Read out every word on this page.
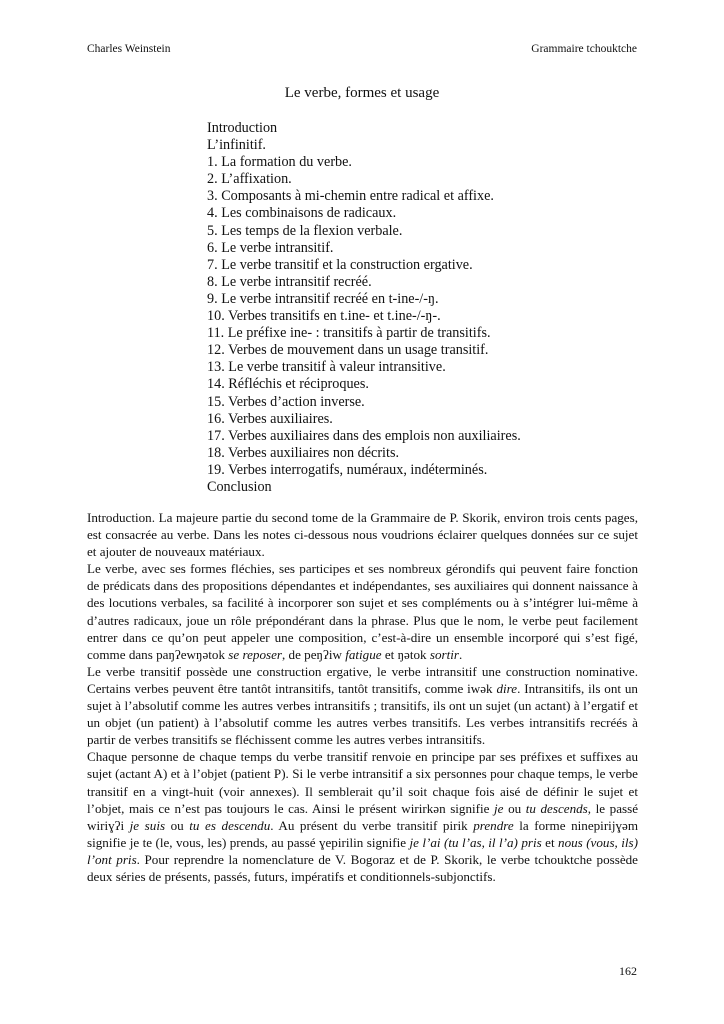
Charles Weinstein	Grammaire tchouktche
Le verbe, formes et usage
Introduction
L’infinitif.
1. La formation du verbe.
2. L’affixation.
3. Composants à mi-chemin entre radical et affixe.
4. Les combinaisons de radicaux.
5. Les temps de la flexion verbale.
6. Le verbe intransitif.
7. Le verbe transitif et la construction ergative.
8. Le verbe intransitif recréé.
9. Le verbe intransitif recréé en t-ine-/-ŋ.
10. Verbes transitifs en t.ine- et t.ine-/-ŋ-.
11. Le préfixe ine- : transitifs à partir de transitifs.
12. Verbes de mouvement dans un usage transitif.
13. Le verbe transitif à valeur intransitive.
14. Réfléchis et réciproques.
15. Verbes d’action inverse.
16. Verbes auxiliaires.
17. Verbes auxiliaires dans des emplois non auxiliaires.
18. Verbes auxiliaires non décrits.
19. Verbes interrogatifs, numéraux, indéterminés.
Conclusion

Introduction. La majeure partie du second tome de la Grammaire de P. Skorik, environ trois cents pages, est consacrée au verbe. Dans les notes ci-dessous nous voudrions éclairer quelques données sur ce sujet et ajouter de nouveaux matériaux.

Le verbe, avec ses formes fléchies, ses participes et ses nombreux gérondifs qui peuvent faire fonction de prédicats dans des propositions dépendantes et indépendantes, ses auxiliaires qui donnent naissance à des locutions verbales, sa facilité à incorporer son sujet et ses compléments ou à s’intégrer lui-même à d’autres radicaux, joue un rôle prépondérant dans la phrase. Plus que le nom, le verbe peut facilement entrer dans ce qu’on peut appeler une composition, c’est-à-dire un ensemble incorporé qui s’est figé, comme dans paŋʔewŋətok se reposer, de peŋʔiw fatigue et ŋətok sortir.

Le verbe transitif possède une construction ergative, le verbe intransitif une construction nominative. Certains verbes peuvent être tantôt intransitifs, tantôt transitifs, comme iwək dire. Intransitifs, ils ont un sujet à l’absolutif comme les autres verbes intransitifs ; transitifs, ils ont un sujet (un actant) à l’ergatif et un objet (un patient) à l’absolutif comme les autres verbes transitifs. Les verbes intransitifs recréés à partir de verbes transitifs se fléchissent comme les autres verbes intransitifs.

Chaque personne de chaque temps du verbe transitif renvoie en principe par ses préfixes et suffixes au sujet (actant A) et à l’objet (patient P). Si le verbe intransitif a six personnes pour chaque temps, le verbe transitif en a vingt-huit (voir annexes). Il semblerait qu’il soit chaque fois aisé de définir le sujet et l’objet, mais ce n’est pas toujours le cas. Ainsi le présent wirirkən signifie je ou tu descends, le passé wiriɣʔi je suis ou tu es descendu. Au présent du verbe transitif pirik prendre la forme ninepirijɣəm signifie je te (le, vous, les) prends, au passé ɣepirilin signifie je l’ai (tu l’as, il l’a) pris et nous (vous, ils) l’ont pris. Pour reprendre la nomenclature de V. Bogoraz et de P. Skorik, le verbe tchouktche possède deux séries de présents, passés, futurs, impératifs et conditionnels-subjonctifs.

162
